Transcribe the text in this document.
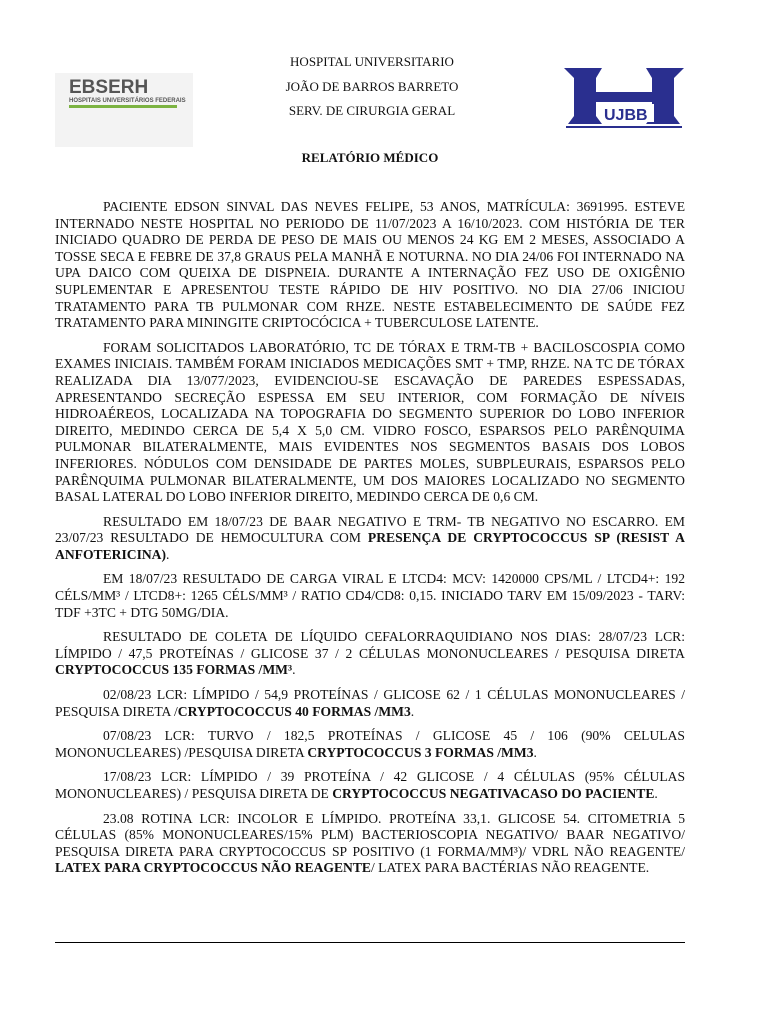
EBSERH
HOSPITAIS UNIVERSITÁRIOS FEDERAIS
HOSPITAL UNIVERSITARIO
JOÃO DE BARROS BARRETO
SERV. DE CIRURGIA GERAL	UJBB
RELATÓRIO MÉDICO

PACIENTE EDSON SINVAL DAS NEVES FELIPE, 53 ANOS, MATRÍCULA: 3691995. ESTEVE INTERNADO NESTE HOSPITAL NO PERIODO DE 11/07/2023 A 16/10/2023. COM HISTÓRIA DE TER INICIADO QUADRO DE PERDA DE PESO DE MAIS OU MENOS 24 KG EM 2 MESES, ASSOCIADO A TOSSE SECA E FEBRE DE 37,8 GRAUS PELA MANHÃ E NOTURNA. NO DIA 24/06 FOI INTERNADO NA UPA DAICO COM QUEIXA DE DISPNEIA. DURANTE A INTERNAÇÃO FEZ USO DE OXIGÊNIO SUPLEMENTAR E APRESENTOU TESTE RÁPIDO DE HIV POSITIVO. NO DIA 27/06 INICIOU TRATAMENTO PARA TB PULMONAR COM RHZE. NESTE ESTABELECIMENTO DE SAÚDE FEZ TRATAMENTO PARA MININGITE CRIPTOCÓCICA + TUBERCULOSE LATENTE.

FORAM SOLICITADOS LABORATÓRIO, TC DE TÓRAX E TRM-TB + BACILOSCOSPIA COMO EXAMES INICIAIS. TAMBÉM FORAM INICIADOS MEDICAÇÕES SMT + TMP, RHZE. NA TC DE TÓRAX REALIZADA DIA 13/077/2023, EVIDENCIOU-SE ESCAVAÇÃO DE PAREDES ESPESSADAS, APRESENTANDO SECREÇÃO ESPESSA EM SEU INTERIOR, COM FORMAÇÃO DE NÍVEIS HIDROAÉREOS, LOCALIZADA NA TOPOGRAFIA DO SEGMENTO SUPERIOR DO LOBO INFERIOR DIREITO, MEDINDO CERCA DE 5,4 X 5,0 CM. VIDRO FOSCO, ESPARSOS PELO PARÊNQUIMA PULMONAR BILATERALMENTE, MAIS EVIDENTES NOS SEGMENTOS BASAIS DOS LOBOS INFERIORES. NÓDULOS COM DENSIDADE DE PARTES MOLES, SUBPLEURAIS, ESPARSOS PELO PARÊNQUIMA PULMONAR BILATERALMENTE, UM DOS MAIORES LOCALIZADO NO SEGMENTO BASAL LATERAL DO LOBO INFERIOR DIREITO, MEDINDO CERCA DE 0,6 CM.

RESULTADO EM 18/07/23 DE BAAR NEGATIVO E TRM- TB NEGATIVO NO ESCARRO. EM 23/07/23 RESULTADO DE HEMOCULTURA COM PRESENÇA DE CRYPTOCOCCUS SP (RESIST A ANFOTERICINA).

EM 18/07/23 RESULTADO DE CARGA VIRAL E LTCD4: MCV: 1420000 CPS/ML / LTCD4+: 192 CÉLS/MM³ / LTCD8+: 1265 CÉLS/MM³ / RATIO CD4/CD8: 0,15. INICIADO TARV EM 15/09/2023 - TARV: TDF +3TC + DTG 50MG/DIA.

RESULTADO DE COLETA DE LÍQUIDO CEFALORRAQUIDIANO NOS DIAS: 28/07/23 LCR: LÍMPIDO / 47,5 PROTEÍNAS / GLICOSE 37 / 2 CÉLULAS MONONUCLEARES / PESQUISA DIRETA CRYPTOCOCCUS 135 FORMAS /MM³.

02/08/23 LCR: LÍMPIDO / 54,9 PROTEÍNAS / GLICOSE 62 / 1 CÉLULAS MONONUCLEARES / PESQUISA DIRETA /CRYPTOCOCCUS 40 FORMAS /MM3.

07/08/23 LCR: TURVO / 182,5 PROTEÍNAS / GLICOSE 45 / 106 (90% CELULAS MONONUCLEARES) /PESQUISA DIRETA CRYPTOCOCCUS 3 FORMAS /MM3.

17/08/23 LCR: LÍMPIDO / 39 PROTEÍNA / 42 GLICOSE / 4 CÉLULAS (95% CÉLULAS MONONUCLEARES) / PESQUISA DIRETA DE CRYPTOCOCCUS NEGATIVACASO DO PACIENTE.

23.08 ROTINA LCR: INCOLOR E LÍMPIDO. PROTEÍNA 33,1. GLICOSE 54. CITOMETRIA 5 CÉLULAS (85% MONONUCLEARES/15% PLM) BACTERIOSCOPIA NEGATIVO/ BAAR NEGATIVO/ PESQUISA DIRETA PARA CRYPTOCOCCUS SP POSITIVO (1 FORMA/MM³)/ VDRL NÃO REAGENTE/ LATEX PARA CRYPTOCOCCUS NÃO REAGENTE/ LATEX PARA BACTÉRIAS NÃO REAGENTE.
